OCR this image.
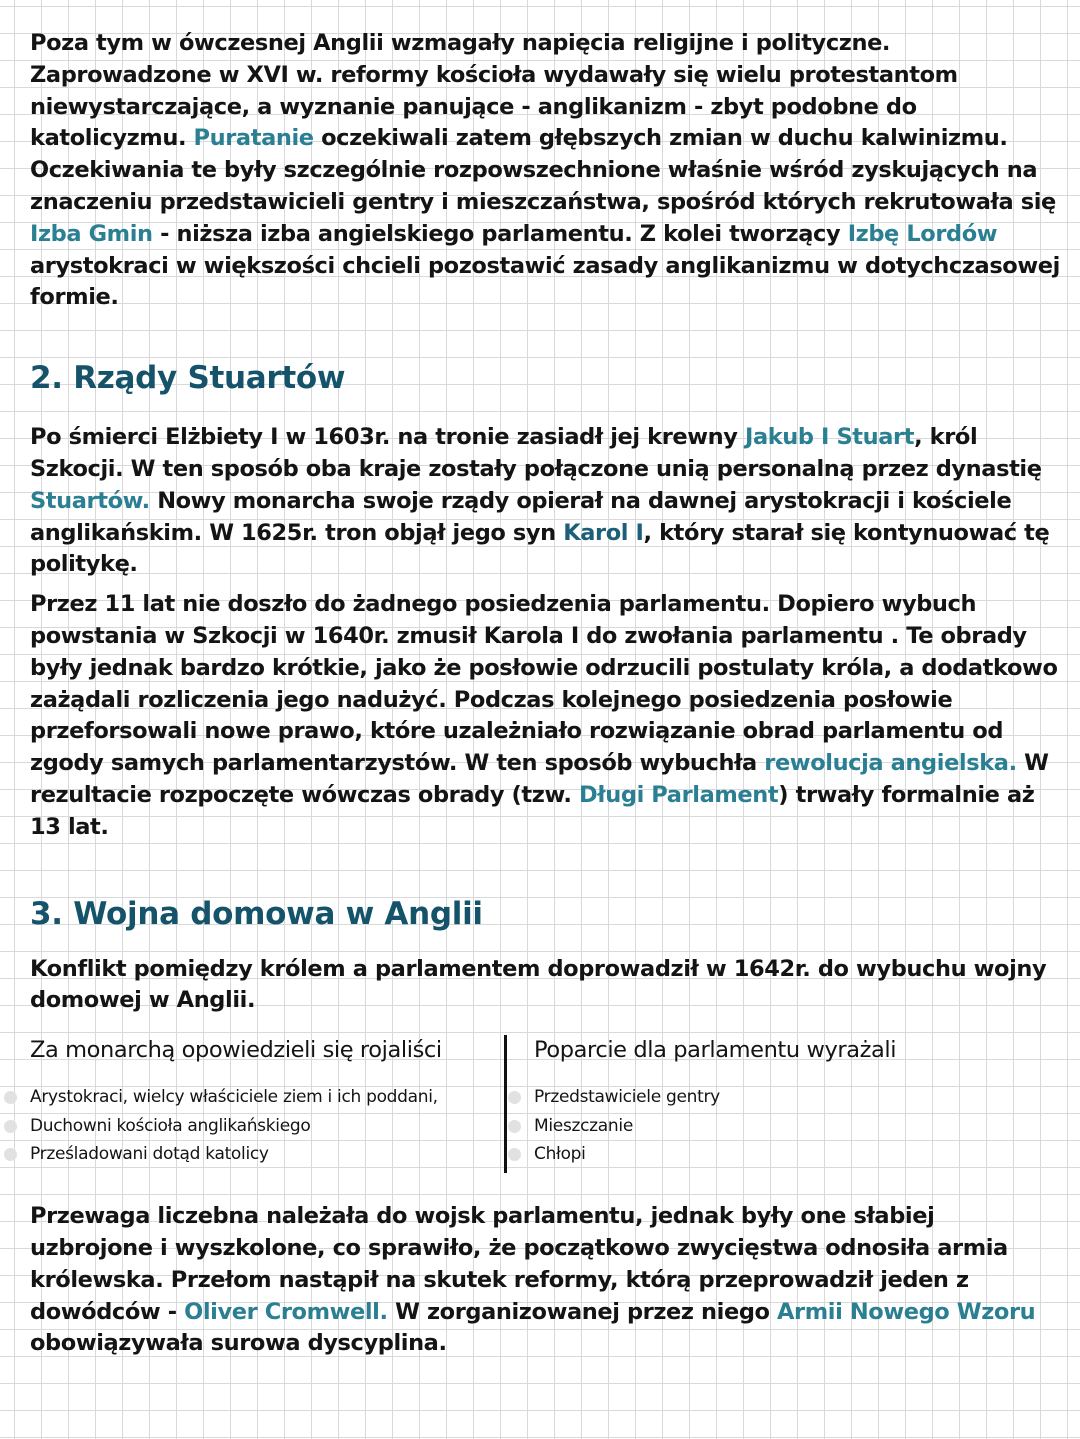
Poza tym w ówczesnej Anglii wzmagały napięcia religijne i polityczne. Zaprowadzone w XVI w. reformy kościoła wydawały się wielu protestantom niewystarczające, a wyznanie panujące - anglikanizm - zbyt podobne do katolicyzmu. Puratanie oczekiwali zatem głębszych zmian w duchu kalwinizmu. Oczekiwania te były szczególnie rozpowszechnione właśnie wśród zyskujących na znaczeniu przedstawicieli gentry i mieszczaństwa, spośród których rekrutowała się Izba Gmin - niższa izba angielskiego parlamentu. Z kolei tworzący Izbę Lordów arystokraci w większości chcieli pozostawić zasady anglikanizmu w dotychczasowej formie.

2. Rządy Stuartów

Po śmierci Elżbiety I w 1603r. na tronie zasiadł jej krewny Jakub I Stuart, król Szkocji. W ten sposób oba kraje zostały połączone unią personalną przez dynastię Stuartów. Nowy monarcha swoje rządy opierał na dawnej arystokracji i kościele anglikańskim. W 1625r. tron objął jego syn Karol I, który starał się kontynuować tę politykę.

Przez 11 lat nie doszło do żadnego posiedzenia parlamentu. Dopiero wybuch powstania w Szkocji w 1640r. zmusił Karola I do zwołania parlamentu . Te obrady były jednak bardzo krótkie, jako że posłowie odrzucili postulaty króla, a dodatkowo zażądali rozliczenia jego nadużyć. Podczas kolejnego posiedzenia posłowie przeforsowali nowe prawo, które uzależniało rozwiązanie obrad parlamentu od zgody samych parlamentarzystów. W ten sposób wybuchła rewolucja angielska. W rezultacie rozpoczęte wówczas obrady (tzw. Długi Parlament) trwały formalnie aż 13 lat.

3. Wojna domowa w Anglii

Konflikt pomiędzy królem a parlamentem doprowadził w 1642r. do wybuchu wojny domowej w Anglii.

Za monarchą opowiedzieli się rojaliści

Arystokraci, wielcy właściciele ziem i ich poddani,
Duchowni kościoła anglikańskiego
Prześladowani dotąd katolicy

Poparcie dla parlamentu wyrażali

Przedstawiciele gentry
Mieszczanie
Chłopi

Przewaga liczebna należała do wojsk parlamentu, jednak były one słabiej uzbrojone i wyszkolone, co sprawiło, że początkowo zwycięstwa odnosiła armia królewska. Przełom nastąpił na skutek reformy, którą przeprowadził jeden z dowódców - Oliver Cromwell. W zorganizowanej przez niego Armii Nowego Wzoru obowiązywała surowa dyscyplina.
